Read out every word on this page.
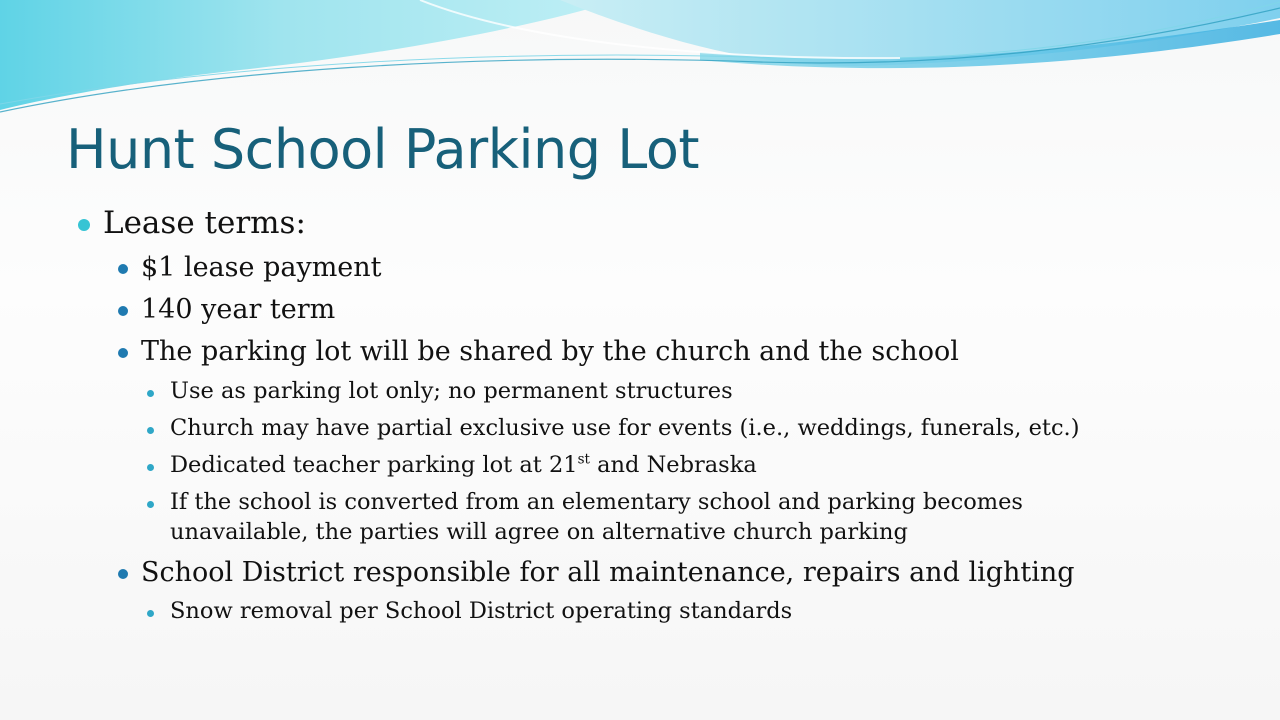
Hunt School Parking Lot
Lease terms:
$1 lease payment
140 year term
The parking lot will be shared by the church and the school
Use as parking lot only; no permanent structures
Church may have partial exclusive use for events (i.e., weddings, funerals, etc.)
Dedicated teacher parking lot at 21st and Nebraska
If the school is converted from an elementary school and parking becomes
unavailable, the parties will agree on alternative church parking
School District responsible for all maintenance, repairs and lighting
Snow removal per School District operating standards
